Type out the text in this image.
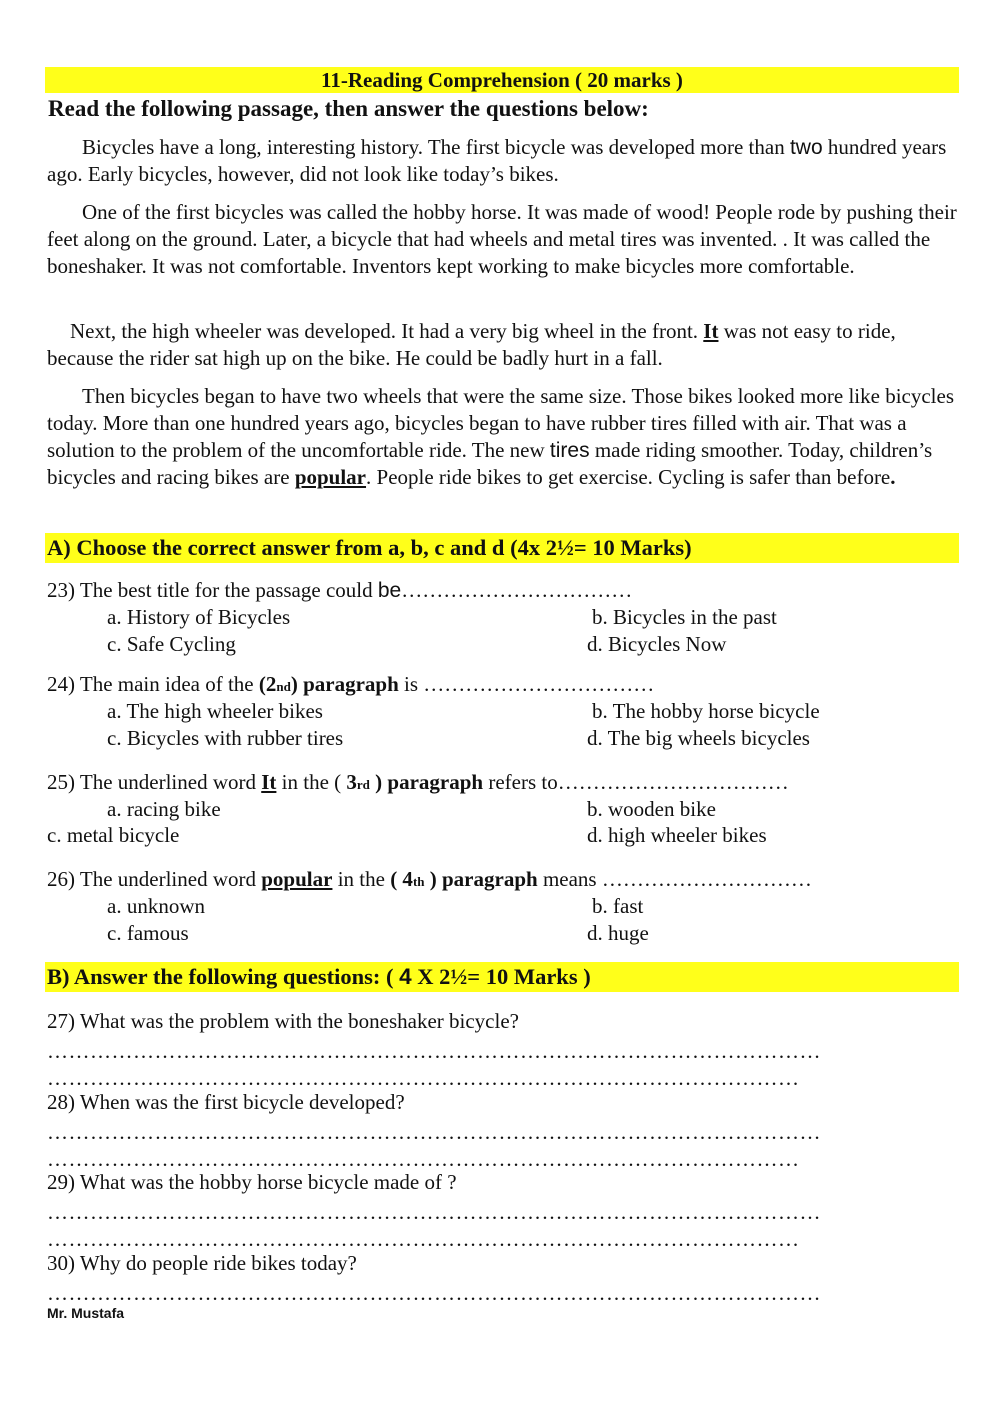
11-Reading Comprehension ( 20 marks )
Read the following passage, then answer the questions below:
Bicycles have a long, interesting history. The first bicycle was developed more than two hundred years ago. Early bicycles, however, did not look like today’s bikes.
One of the first bicycles was called the hobby horse. It was made of wood! People rode by pushing their feet along on the ground. Later, a bicycle that had wheels and metal tires was invented. . It was called the boneshaker. It was not comfortable. Inventors kept working to make bicycles more comfortable.
Next, the high wheeler was developed. It had a very big wheel in the front. It was not easy to ride, because the rider sat high up on the bike. He could be badly hurt in a fall.
Then bicycles began to have two wheels that were the same size. Those bikes looked more like bicycles today. More than one hundred years ago, bicycles began to have rubber tires filled with air. That was a solution to the problem of the uncomfortable ride. The new tires made riding smoother. Today, children’s bicycles and racing bikes are popular. People ride bikes to get exercise. Cycling is safer than before.
A) Choose the correct answer from a, b, c and d (4x 2½= 10 Marks)
23) The best title for the passage could be……………………………
a. History of Bicycles	b. Bicycles in the past
c. Safe Cycling	d. Bicycles Now
24) The main idea of the (2nd) paragraph is ……………………………
a. The high wheeler bikes	b. The hobby horse bicycle
c. Bicycles with rubber tires	d. The big wheels bicycles
25) The underlined word It in the ( 3rd ) paragraph refers to……………………………
a. racing bike	b. wooden bike
c. metal bicycle	d. high wheeler bikes
26) The underlined word popular in the ( 4th ) paragraph means …………………………
a. unknown	b. fast
c. famous	d. huge
B) Answer the following questions: ( 4 X 2½= 10 Marks )
27) What was the problem with the boneshaker bicycle?
………………………………………………………………………………………………
……………………………………………………………………………………………
28) When was the first bicycle developed?
………………………………………………………………………………………………
……………………………………………………………………………………………
29) What was the hobby horse bicycle made of ?
………………………………………………………………………………………………
……………………………………………………………………………………………
30) Why do people ride bikes today?
………………………………………………………………………………………………
Mr. Mustafa
